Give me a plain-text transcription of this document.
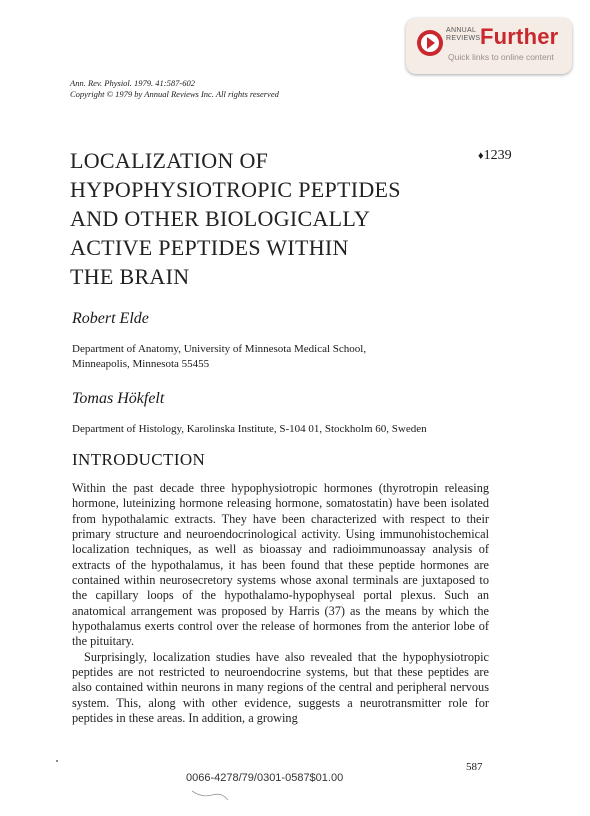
ANNUAL
REVIEWS Further
Quick links to online content
Ann. Rev. Physiol. 1979. 41:587-602
Copyright © 1979 by Annual Reviews Inc. All rights reserved
LOCALIZATION OF
HYPOPHYSIOTROPIC PEPTIDES
AND OTHER BIOLOGICALLY
ACTIVE PEPTIDES WITHIN
THE BRAIN
♦1239
Robert Elde
Department of Anatomy, University of Minnesota Medical School,
Minneapolis, Minnesota 55455
Tomas Hökfelt
Department of Histology, Karolinska Institute, S-104 01, Stockholm 60, Sweden
INTRODUCTION

Within the past decade three hypophysiotropic hormones (thyrotropin releasing hormone, luteinizing hormone releasing hormone, somatostatin) have been isolated from hypothalamic extracts. They have been characterized with respect to their primary structure and neuroendocrinological activity. Using immunohistochemical localization techniques, as well as bioassay and radioimmunoassay analysis of extracts of the hypothalamus, it has been found that these peptide hormones are contained within neurosecretory systems whose axonal terminals are juxtaposed to the capillary loops of the hypothalamo-hypophyseal portal plexus. Such an anatomical arrangement was proposed by Harris (37) as the means by which the hypothalamus exerts control over the release of hormones from the anterior lobe of the pituitary.

Surprisingly, localization studies have also revealed that the hypophysiotropic peptides are not restricted to neuroendocrine systems, but that these peptides are also contained within neurons in many regions of the central and peripheral nervous system. This, along with other evidence, suggests a neurotransmitter role for peptides in these areas. In addition, a growing

587
0066-4278/79/0301-0587$01.00
